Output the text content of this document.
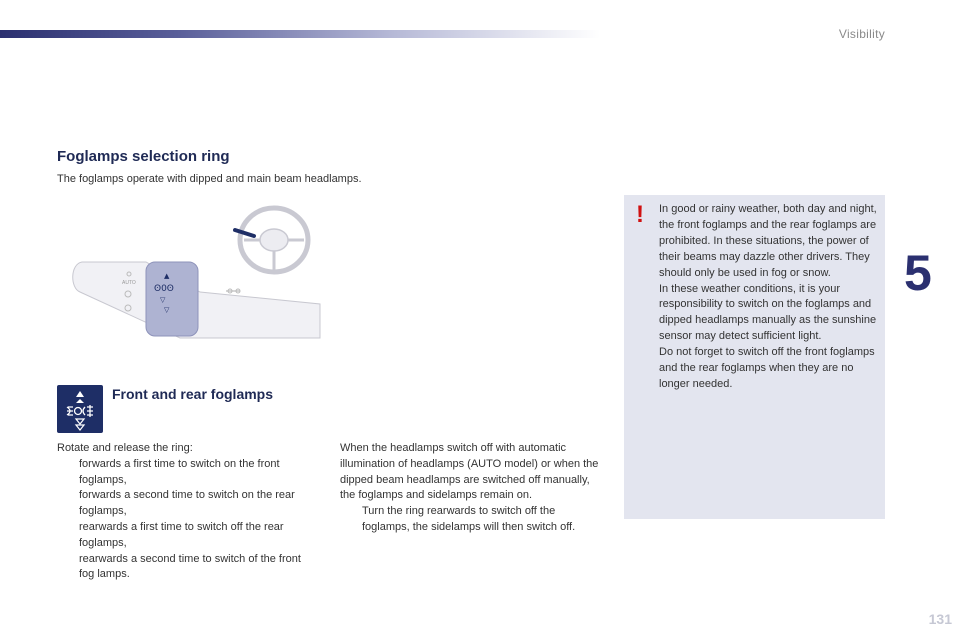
Visibility
5
Foglamps selection ring

The foglamps operate with dipped and main beam headlamps.

▲
ʘ0ʘ
▽
▽
AUTO
Front and rear foglamps

Rotate and release the ring:

forwards a first time to switch on the front foglamps,
forwards a second time to switch on the rear foglamps,
rearwards a first time to switch off the rear foglamps,
rearwards a second time to switch of the front fog lamps.

When the headlamps switch off with automatic illumination of headlamps (AUTO model) or when the dipped beam headlamps are switched off manually, the foglamps and sidelamps remain on.

Turn the ring rearwards to switch off the foglamps, the sidelamps will then switch off.
! In good or rainy weather, both day and night, the front foglamps and the rear foglamps are prohibited. In these situations, the power of their beams may dazzle other drivers. They should only be used in fog or snow.

In these weather conditions, it is your responsibility to switch on the foglamps and dipped headlamps manually as the sunshine sensor may detect sufficient light.

Do not forget to switch off the front foglamps and the rear foglamps when they are no longer needed.

131
